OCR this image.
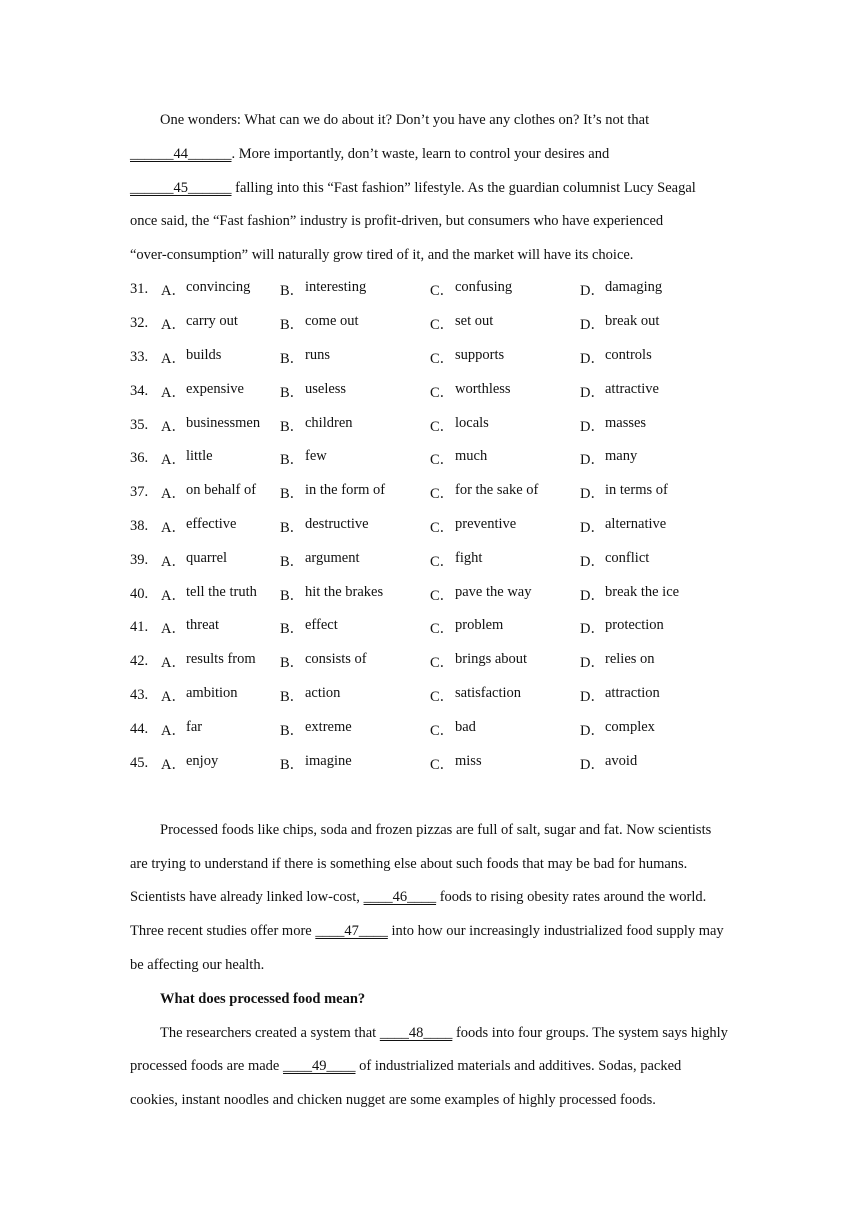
One wonders: What can we do about it? Don’t you have any clothes on? It’s not that

______44______. More importantly, don’t waste, learn to control your desires and

______45______ falling into this “Fast fashion” lifestyle. As the guardian columnist Lucy Seagal

once said, the “Fast fashion” industry is profit-driven, but consumers who have experienced

“over-consumption” will naturally grow tired of it, and the market will have its choice.

31. A． convincing B． interesting	C． confusing	D． damaging
32. A． carry out	B． come out	C． set out	D． break out
33. A． builds	B． runs	C． supports	D． controls
34. A． expensive B． useless	C． worthless	D． attractive
35. A． businessmen B． children	C． locals	D． masses
36. A． little	B． few	C． much	D． many
37. A． on behalf of B． in the form of	C． for the sake of	D． in terms of
38. A． effective	B． destructive	C． preventive	D． alternative
39. A． quarrel	B． argument	C． fight	D． conflict
40. A． tell the truth B． hit the brakes	C． pave the way	D． break the ice
41. A． threat	B． effect	C． problem	D． protection
42. A． results from B． consists of	C． brings about	D． relies on
43. A． ambition	B． action	C． satisfaction	D． attraction
44. A． far	B． extreme	C． bad	D． complex
45. A． enjoy	B． imagine	C． miss	D． avoid

Processed foods like chips, soda and frozen pizzas are full of salt, sugar and fat. Now scientists are trying to understand if there is something else about such foods that may be bad for humans. Scientists have already linked low-cost, ____46____ foods to rising obesity rates around the world. Three recent studies offer more ____47____ into how our increasingly industrialized food supply may be affecting our health.

What does processed food mean?

The researchers created a system that ____48____ foods into four groups. The system says highly processed foods are made ____49____ of industrialized materials and additives. Sodas, packed cookies, instant noodles and chicken nugget are some examples of highly processed foods.
